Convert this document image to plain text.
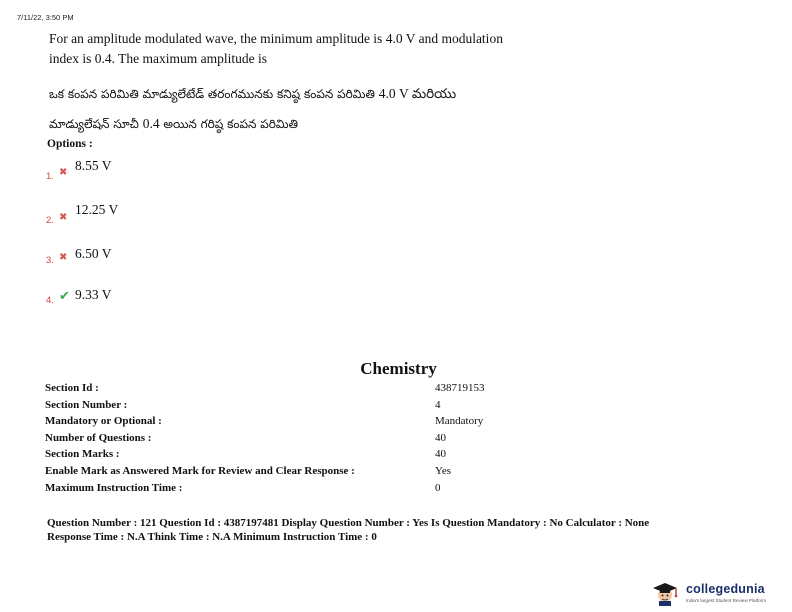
7/11/22, 3:50 PM
For an amplitude modulated wave, the minimum amplitude is 4.0 V and modulation
index is 0.4. The maximum amplitude is
ఒక కంపన పరిమితి మాడ్యులేటేడ్ తరంగమునకు కనిష్ఠ కంపన పరిమితి 4.0 V మరియు
మాడ్యులేషన్ సూచీ 0.4 అయిన గరిష్ఠ కంపన పరిమితి
Options :
1. ✖ 8.55 V
2. ✖
12.25 V
3. ✖ 6.50 V
4. ✔ 9.33 V
Chemistry
Section Id :	438719153
Section Number :	4
Mandatory or Optional :	Mandatory
Number of Questions :	40
Section Marks :	40
Enable Mark as Answered Mark for Review and Clear Response :	Yes
Maximum Instruction Time :	0
Question Number : 121 Question Id : 4387197481 Display Question Number : Yes Is Question Mandatory : No Calculator : None
Response Time : N.A Think Time : N.A Minimum Instruction Time : 0
collegedunia
India's largest Student Review Platform
